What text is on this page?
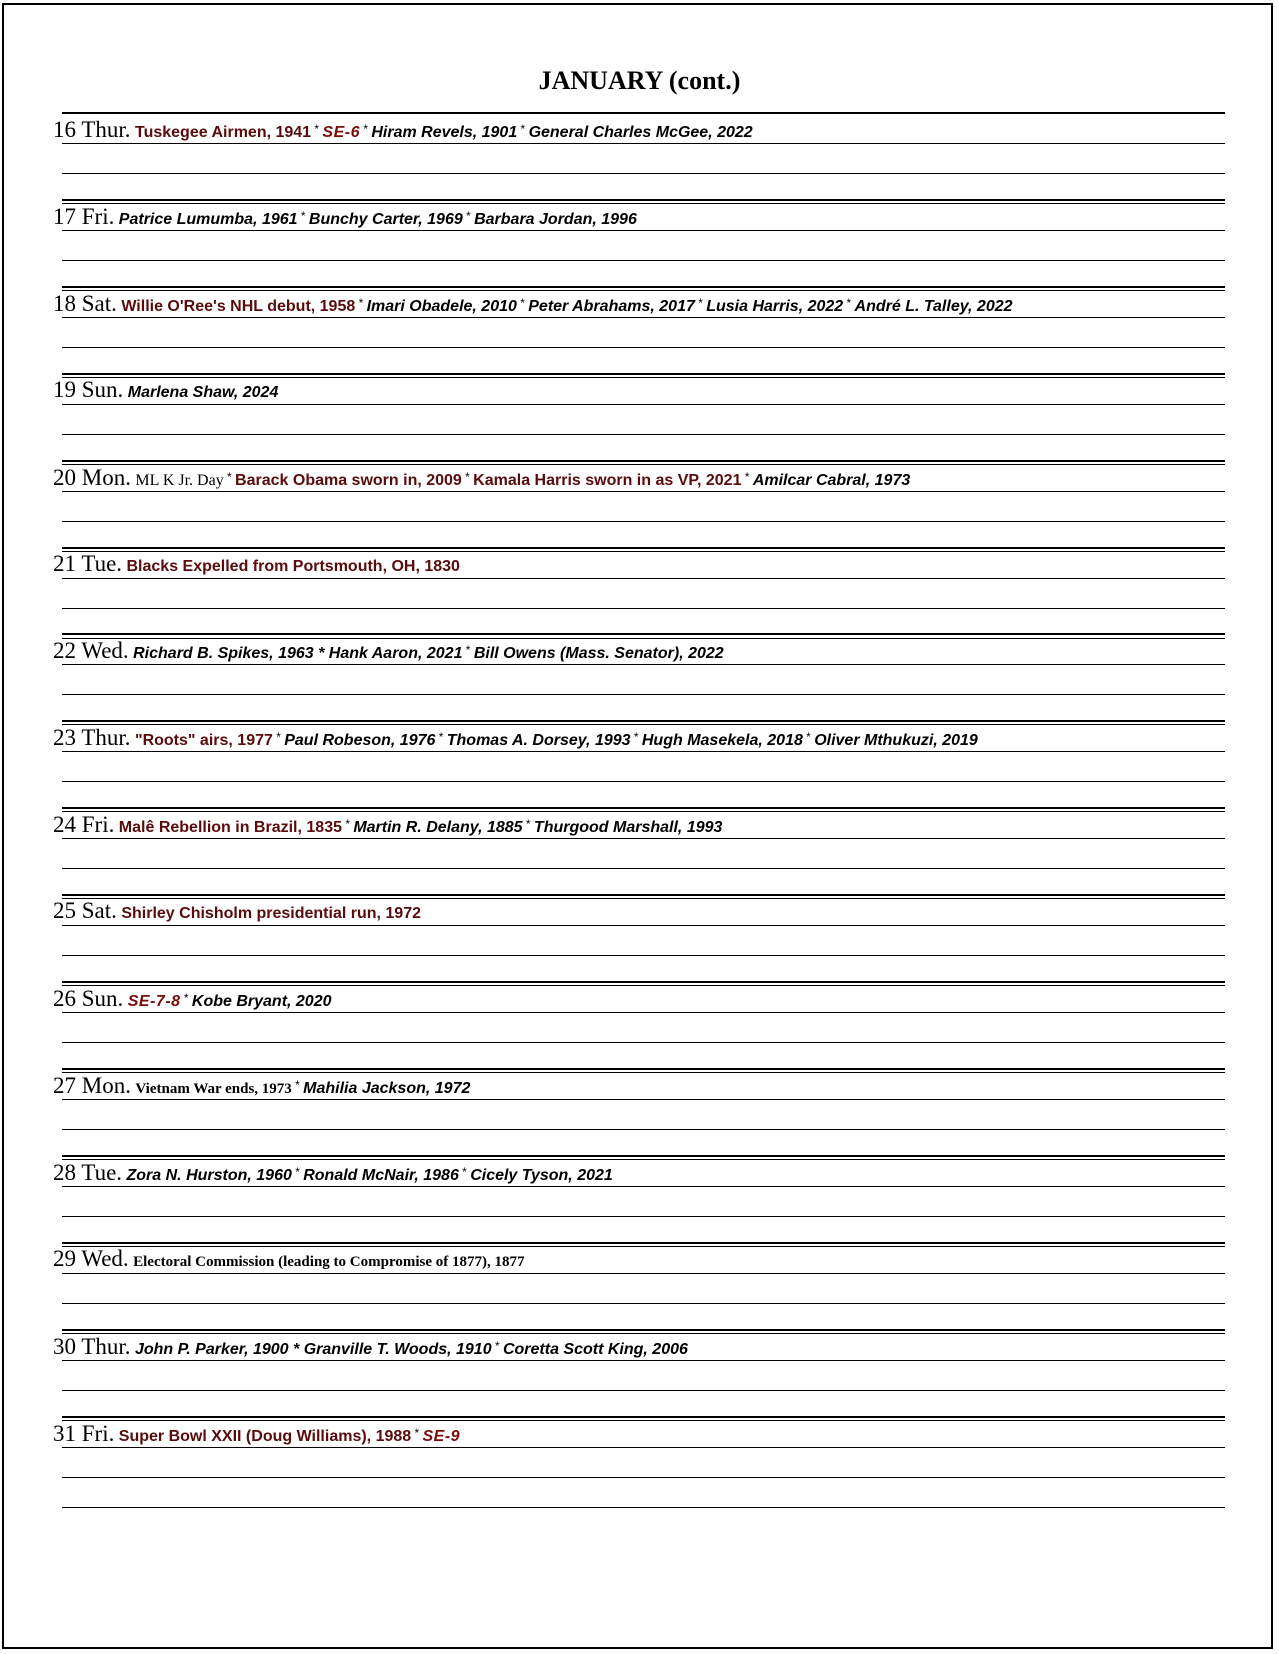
JANUARY (cont.)
16 Thur. Tuskegee Airmen, 1941 * SE-6 * Hiram Revels, 1901 * General Charles McGee, 2022
17 Fri. Patrice Lumumba, 1961 * Bunchy Carter, 1969 * Barbara Jordan, 1996
18 Sat. Willie O'Ree's NHL debut, 1958 * Imari Obadele, 2010 * Peter Abrahams, 2017 * Lusia Harris, 2022 * André L. Talley, 2022
19 Sun. Marlena Shaw, 2024
20 Mon. ML K Jr. Day * Barack Obama sworn in, 2009 * Kamala Harris sworn in as VP, 2021 * Amilcar Cabral, 1973
21 Tue. Blacks Expelled from Portsmouth, OH, 1830
22 Wed. Richard B. Spikes, 1963 * Hank Aaron, 2021 * Bill Owens (Mass. Senator), 2022
23 Thur. "Roots" airs, 1977 * Paul Robeson, 1976 * Thomas A. Dorsey, 1993 * Hugh Masekela, 2018 * Oliver Mthukuzi, 2019
24 Fri. Malê Rebellion in Brazil, 1835 * Martin R. Delany, 1885 * Thurgood Marshall, 1993
25 Sat. Shirley Chisholm presidential run, 1972
26 Sun. SE-7-8 * Kobe Bryant, 2020
27 Mon. Vietnam War ends, 1973 * Mahilia Jackson, 1972
28 Tue. Zora N. Hurston, 1960 * Ronald McNair, 1986 * Cicely Tyson, 2021
29 Wed. Electoral Commission (leading to Compromise of 1877), 1877
30 Thur. John P. Parker, 1900 * Granville T. Woods, 1910 * Coretta Scott King, 2006
31 Fri. Super Bowl XXII (Doug Williams), 1988 * SE-9
